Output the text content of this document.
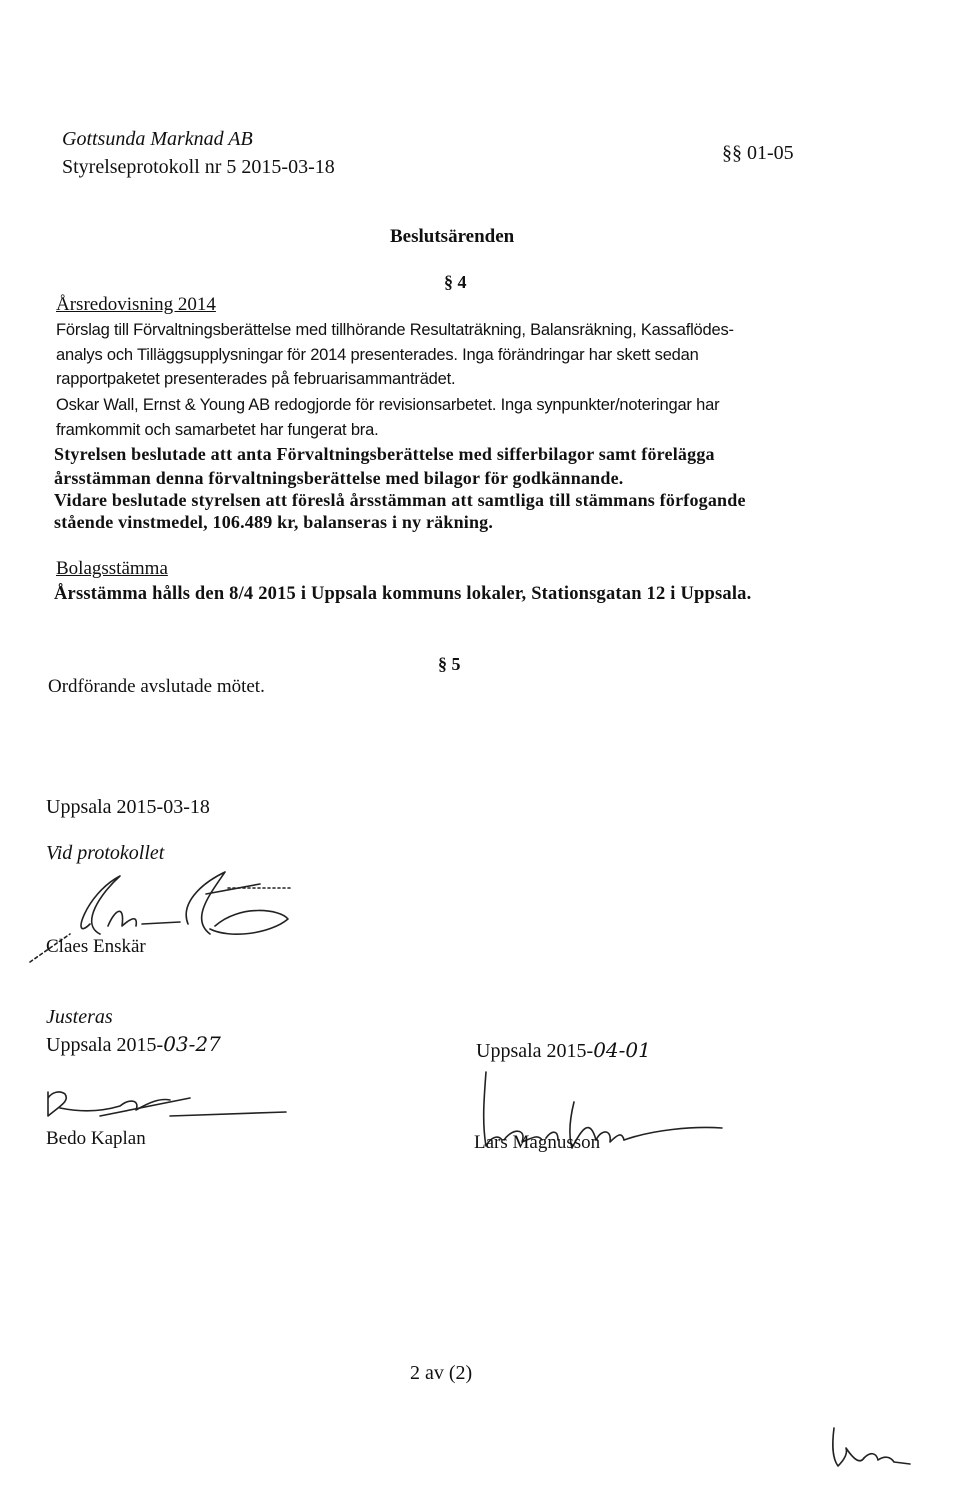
Gottsunda Marknad AB
Styrelseprotokoll nr 5 2015-03-18
§§ 01-05
Beslutsärenden
§ 4
Årsredovisning 2014
Förslag till Förvaltningsberättelse med tillhörande Resultaträkning, Balansräkning, Kassaflödes-
analys och Tilläggsupplysningar för 2014 presenterades. Inga förändringar har skett sedan
rapportpaketet presenterades på februarisammanträdet.
Oskar Wall, Ernst & Young AB redogjorde för revisionsarbetet. Inga synpunkter/noteringar har
framkommit och samarbetet har fungerat bra.
Styrelsen beslutade att anta Förvaltningsberättelse med sifferbilagor samt förelägga
årsstämman denna förvaltningsberättelse med bilagor för godkännande.
Vidare beslutade styrelsen att föreslå årsstämman att samtliga till stämmans förfogande
stående vinstmedel, 106.489 kr, balanseras i ny räkning.
Bolagsstämma
Årsstämma hålls den 8/4 2015 i Uppsala kommuns lokaler, Stationsgatan 12 i Uppsala.
§ 5
Ordförande avslutade mötet.
Uppsala 2015-03-18
Vid protokollet
Claes Enskär
Justeras
Uppsala 2015-03-27	Uppsala 2015-04-01
Bedo Kaplan	Lars Magnusson
2 av (2)
